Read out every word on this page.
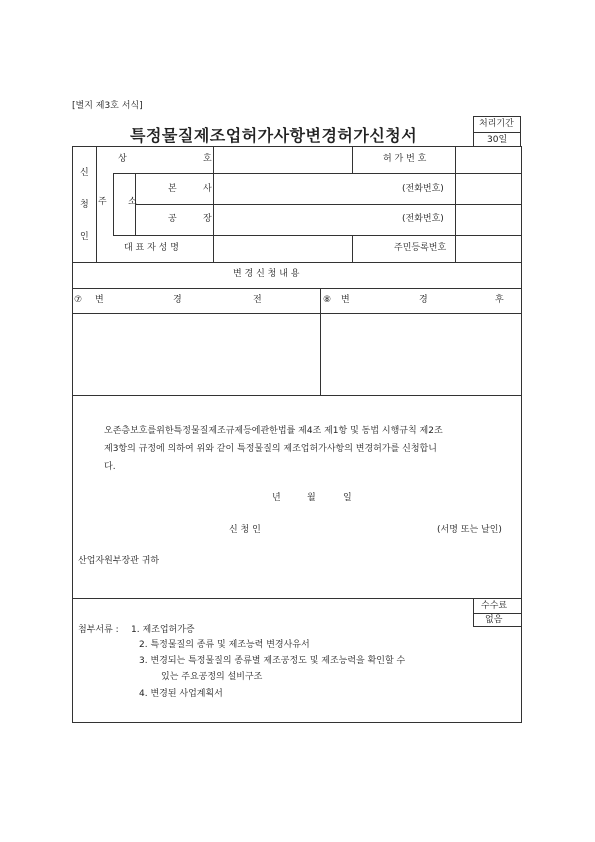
[별지 제3호 서식]
특정물질제조업허가사항변경허가신청서
처리기간
30일
신
청
인
상	호	허 가 번 호
주 소
본	사	(전화번호)
공	장	(전화번호)
대 표 자 성 명	주민등록번호
변 경 신 청 내 용
⑦ 변	경	전	⑧ 변	경	후
오존층보호를위한특정물질제조규제등에관한법률 제4조 제1항 및 동법 시행규칙 제2조
제3항의 규정에 의하여 위와 같이 특정물질의 제조업허가사항의 변경허가를 신청합니
다.
년	월	일
신 청 인	(서명 또는 날인)
산업자원부장관 귀하
수수료
없음
첨부서류 : 1. 제조업허가증
2. 특정물질의 종류 및 제조능력 변경사유서
3. 변경되는 특정물질의 종류별 제조공정도 및 제조능력을 확인할 수
있는 주요공정의 설비구조
4. 변경된 사업계획서
